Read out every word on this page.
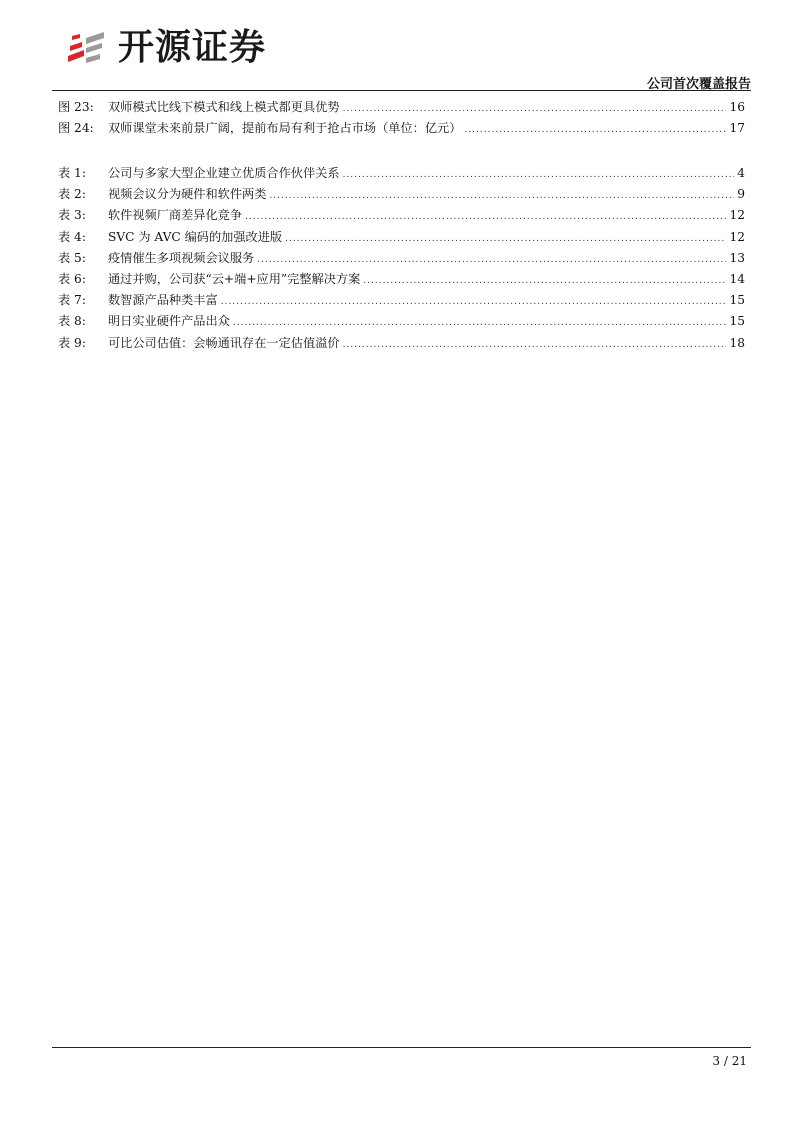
开源证券
公司首次覆盖报告
图 23:	双师模式比线下模式和线上模式都更具优势 .....	16
图 24:	双师课堂未来前景广阔，提前布局有利于抢占市场（单位：亿元） .....	17
表 1:	公司与多家大型企业建立优质合作伙伴关系 .....	4
表 2:	视频会议分为硬件和软件两类 .....	9
表 3:	软件视频厂商差异化竞争 .....	12
表 4:	SVC 为 AVC 编码的加强改进版 .....	12
表 5:	疫情催生多项视频会议服务 .....	13
表 6:	通过并购，公司获“云+端+应用”完整解决方案 .....	14
表 7:	数智源产品种类丰富 .....	15
表 8:	明日实业硬件产品出众 .....	15
表 9:	可比公司估值：会畅通讯存在一定估值溢价 .....	18
3 / 21
